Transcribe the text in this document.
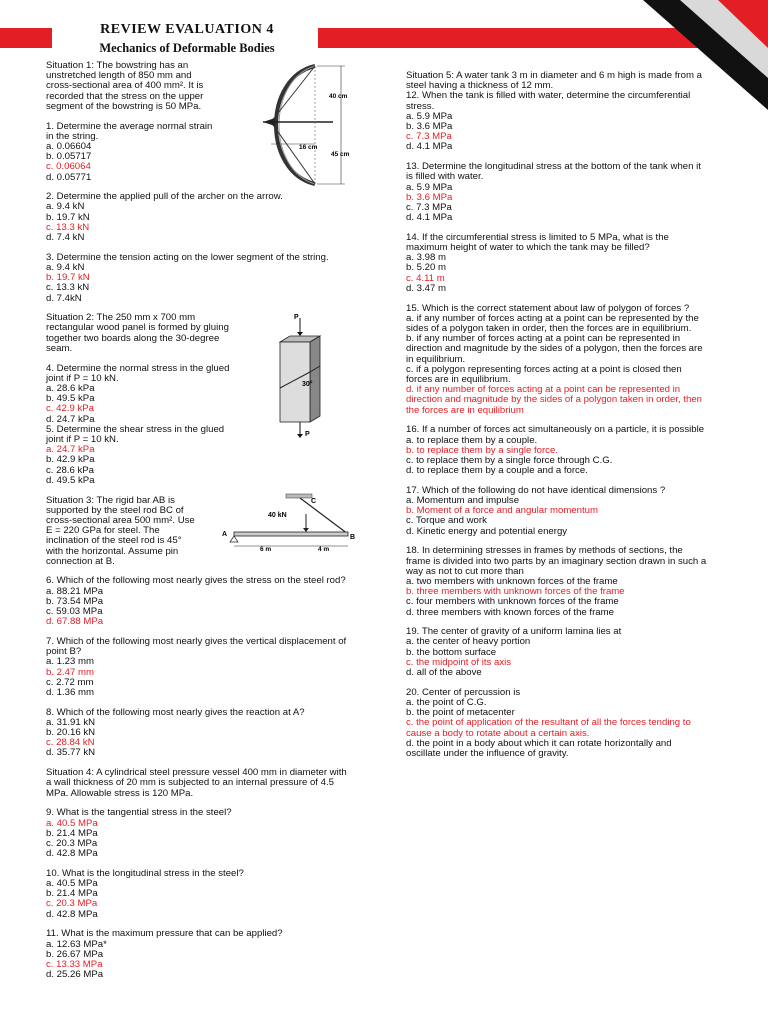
REVIEW EVALUATION 4
Mechanics of Deformable Bodies
40 cm
16 cm
45 cm
P
30°
P
C
40 kN
A	B
6 m	4 m

Situation 1: The bowstring has an

unstretched length of 850 mm and

cross-sectional area of 400 mm². It is

recorded that the stress on the upper

segment of the bowstring is 50 MPa.

1. Determine the average normal strain

in the string.

a. 0.06604

b. 0.05717

c. 0.06064

d. 0.05771

2. Determine the applied pull of the archer on the arrow.

a. 9.4 kN

b. 19.7 kN

c. 13.3 kN

d. 7.4 kN

3. Determine the tension acting on the lower segment of the string.

a. 9.4 kN

b. 19.7 kN

c. 13.3 kN

d. 7.4kN

Situation 2: The 250 mm x 700 mm

rectangular wood panel is formed by gluing

together two boards along the 30-degree

seam.

4. Determine the normal stress in the glued

joint if P = 10 kN.

a. 28.6 kPa

b. 49.5 kPa

c. 42.9 kPa

d. 24.7 kPa

5. Determine the shear stress in the glued

joint if P = 10 kN.

a. 24.7 kPa

b. 42.9 kPa

c. 28.6 kPa

d. 49.5 kPa

Situation 3: The rigid bar AB is

supported by the steel rod BC of

cross-sectional area 500 mm². Use

E = 220 GPa for steel. The

inclination of the steel rod is 45°

with the horizontal. Assume pin

connection at B.

6. Which of the following most nearly gives the stress on the steel rod?

a. 88.21 MPa

b. 73.54 MPa

c. 59.03 MPa

d. 67.88 MPa

7. Which of the following most nearly gives the vertical displacement of

point B?

a. 1.23 mm

b. 2.47 mm

c. 2.72 mm

d. 1.36 mm

8. Which of the following most nearly gives the reaction at A?

a. 31.91 kN

b. 20.16 kN

c. 28.84 kN

d. 35.77 kN

Situation 4: A cylindrical steel pressure vessel 400 mm in diameter with

a wall thickness of 20 mm is subjected to an internal pressure of 4.5

MPa. Allowable stress is 120 MPa.

9. What is the tangential stress in the steel?

a. 40.5 MPa

b. 21.4 MPa

c. 20.3 MPa

d. 42.8 MPa

10. What is the longitudinal stress in the steel?

a. 40.5 MPa

b. 21.4 MPa

c. 20.3 MPa

d. 42.8 MPa

11. What is the maximum pressure that can be applied?

a. 12.63 MPa*

b. 26.67 MPa

c. 13.33 MPa

d. 25.26 MPa

Situation 5: A water tank 3 m in diameter and 6 m high is made from a

steel having a thickness of 12 mm.

12. When the tank is filled with water, determine the circumferential

stress.

a. 5.9 MPa

b. 3.6 MPa

c. 7.3 MPa

d. 4.1 MPa

13. Determine the longitudinal stress at the bottom of the tank when it

is filled with water.

a. 5.9 MPa

b. 3.6 MPa

c. 7.3 MPa

d. 4.1 MPa

14. If the circumferential stress is limited to 5 MPa, what is the

maximum height of water to which the tank may be filled?

a. 3.98 m

b. 5.20 m

c. 4.11 m

d. 3.47 m

15. Which is the correct statement about law of polygon of forces ?

a. if any number of forces acting at a point can be represented by the

sides of a polygon taken in order, then the forces are in equilibrium.

b. if any number of forces acting at a point can be represented in

direction and magnitude by the sides of a polygon, then the forces are

in equilibrium.

c. if a polygon representing forces acting at a point is closed then

forces are in equilibrium.

d. if any number of forces acting at a point can be represented in

direction and magnitude by the sides of a polygon taken in order, then

the forces are in equilibrium

16. If a number of forces act simultaneously on a particle, it is possible

a. to replace them by a couple.

b. to replace them by a single force.

c. to replace them by a single force through C.G.

d. to replace them by a couple and a force.

17. Which of the following do not have identical dimensions ?

a. Momentum and impulse

b. Moment of a force and angular momentum

c. Torque and work

d. Kinetic energy and potential energy

18. In determining stresses in frames by methods of sections, the

frame is divided into two parts by an imaginary section drawn in such a

way as not to cut more than

a. two members with unknown forces of the frame

b. three members with unknown forces of the frame

c. four members with unknown forces of the frame

d. three members with known forces of the frame

19. The center of gravity of a uniform lamina lies at

a. the center of heavy portion

b. the bottom surface

c. the midpoint of its axis

d. all of the above

20. Center of percussion is

a. the point of C.G.

b. the point of metacenter

c. the point of application of the resultant of all the forces tending to

cause a body to rotate about a certain axis.

d. the point in a body about which it can rotate horizontally and

oscillate under the influence of gravity.
